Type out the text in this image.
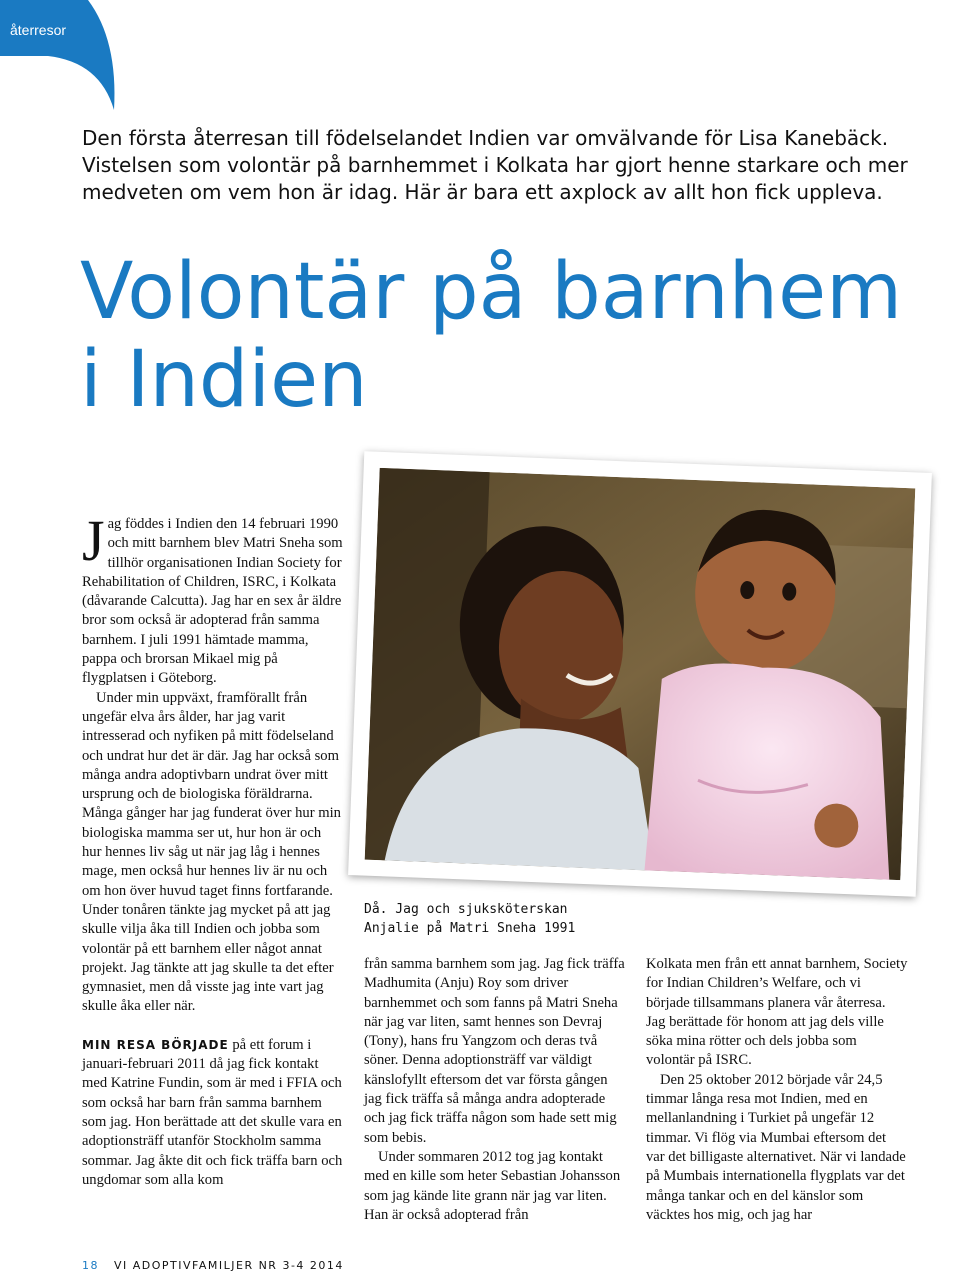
återresor
Den första återresan till födelselandet Indien var omvälvande för Lisa Kanebäck. Vistelsen som volontär på barnhemmet i Kolkata har gjort henne starkare och mer medveten om vem hon är idag. Här är bara ett axplock av allt hon fick uppleva.
Volontär på barnhem
i Indien
Då. Jag och sjuksköterskan
Anjalie på Matri Sneha 1991

Jag föddes i Indien den 14 februari 1990 och mitt barnhem blev Matri Sneha som tillhör organisationen Indian Society for Rehabilitation of Children, ISRC, i Kolkata (dåvarande Calcutta). Jag har en sex år äldre bror som också är adopterad från samma barnhem. I juli 1991 hämtade mamma, pappa och brorsan Mikael mig på flygplatsen i Göteborg.

Under min uppväxt, framförallt från ungefär elva års ålder, har jag varit intresserad och nyfiken på mitt födelseland och undrat hur det är där. Jag har också som många andra adoptivbarn undrat över mitt ursprung och de biologiska föräldrarna. Många gånger har jag funderat över hur min biologiska mamma ser ut, hur hon är och hur hennes liv såg ut när jag låg i hennes mage, men också hur hennes liv är nu och om hon över huvud taget finns fortfarande. Under tonåren tänkte jag mycket på att jag skulle vilja åka till Indien och jobba som volontär på ett barnhem eller något annat projekt. Jag tänkte att jag skulle ta det efter gymnasiet, men då visste jag inte vart jag skulle åka eller när.

MIN RESA BÖRJADE på ett forum i januari-februari 2011 då jag fick kontakt med Katrine Fundin, som är med i FFIA och som också har barn från samma barnhem som jag. Hon berättade att det skulle vara en adoptionsträff utanför Stockholm samma sommar. Jag åkte dit och fick träffa barn och ungdomar som alla kom

från samma barnhem som jag. Jag fick träffa Madhumita (Anju) Roy som driver barnhemmet och som fanns på Matri Sneha när jag var liten, samt hennes son Devraj (Tony), hans fru Yangzom och deras två söner. Denna adoptionsträff var väldigt känslofyllt eftersom det var första gången jag fick träffa så många andra adopterade och jag fick träffa någon som hade sett mig som bebis.

Under sommaren 2012 tog jag kontakt med en kille som heter Sebastian Johansson som jag kände lite grann när jag var liten. Han är också adopterad från

Kolkata men från ett annat barnhem, Society for Indian Children’s Welfare, och vi började tillsammans planera vår återresa. Jag berättade för honom att jag dels ville söka mina rötter och dels jobba som volontär på ISRC.

Den 25 oktober 2012 började vår 24,5 timmar långa resa mot Indien, med en mellanlandning i Turkiet på ungefär 12 timmar. Vi flög via Mumbai eftersom det var det billigaste alternativet. När vi landade på Mumbais internationella flygplats var det många tankar och en del känslor som väcktes hos mig, och jag har

18 VI ADOPTIVFAMILJER NR 3-4 2014
